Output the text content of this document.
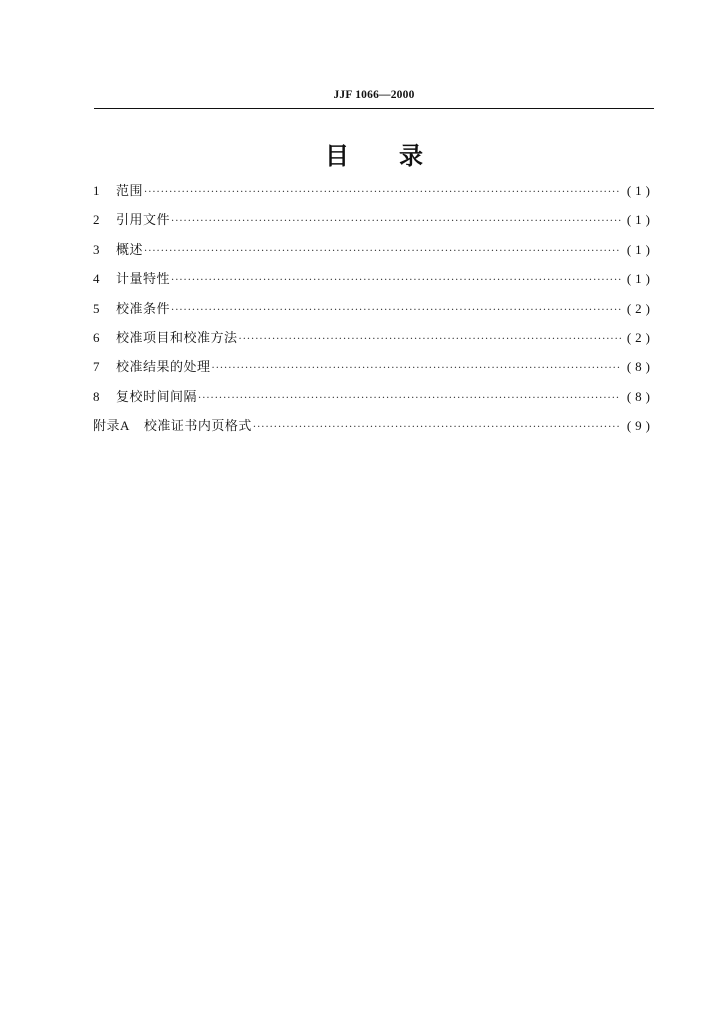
JJF 1066—2000
目录
1	范围 ·····	(1)
2	引用文件 ·····	(1)
3	概述 ·····	(1)
4	计量特性 ·····	(1)
5	校准条件 ·····	(2)
6	校准项目和校准方法 ·····	(2)
7	校准结果的处理 ·····	(8)
8	复校时间间隔 ·····	(8)
附录A 校准证书内页格式 ·····	(9)
